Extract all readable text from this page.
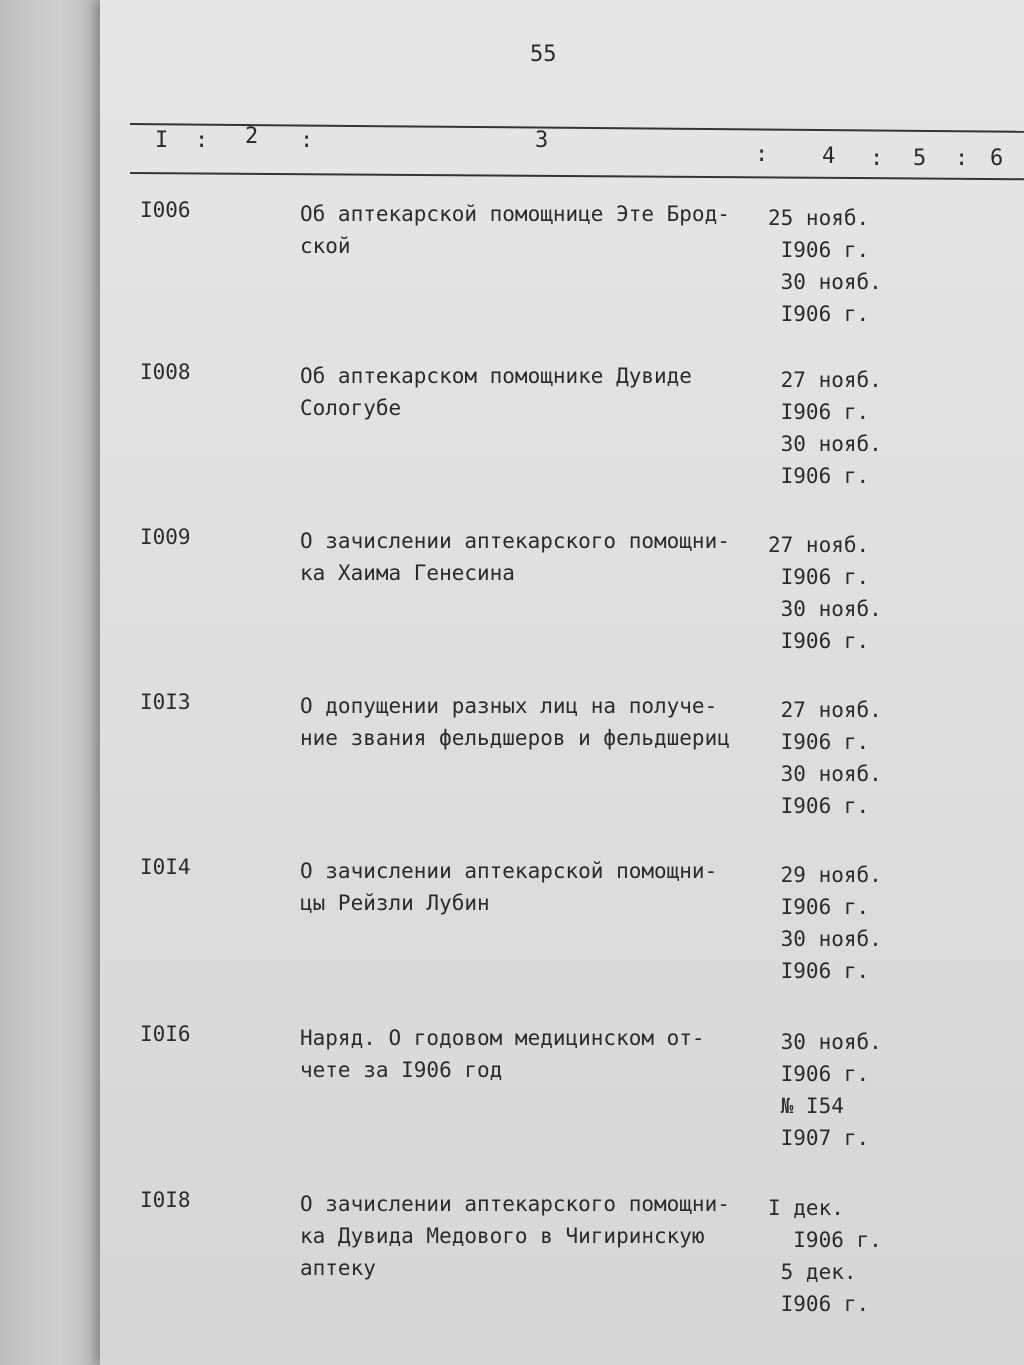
55
I : 2 :	3
: 4 : 5 : 6
I006	Об аптекарской помощнице Эте Брод-
ской
25 нояб.
I906 г.
30 нояб.
I906 г.
I008	Об аптекарском помощнике Дувиде
Сологубе
27 нояб.
I906 г.
30 нояб.
I906 г.
I009	О зачислении аптекарского помощни-
ка Хаима Генесина
27 нояб.
I906 г.
30 нояб.
I906 г.
I0I3	О допущении разных лиц на получе-
ние звания фельдшеров и фельдшериц
27 нояб.
I906 г.
30 нояб.
I906 г.
I0I4	О зачислении аптекарской помощни-
цы Рейзли Лубин
29 нояб.
I906 г.
30 нояб.
I906 г.
I0I6	Наряд. О годовом медицинском от-
чете за I906 год
30 нояб.
I906 г.
№ I54
I907 г.
I0I8	О зачислении аптекарского помощни-
ка Дувида Медового в Чигиринскую
аптеку
I дек.
I906 г.
5 дек.
I906 г.
